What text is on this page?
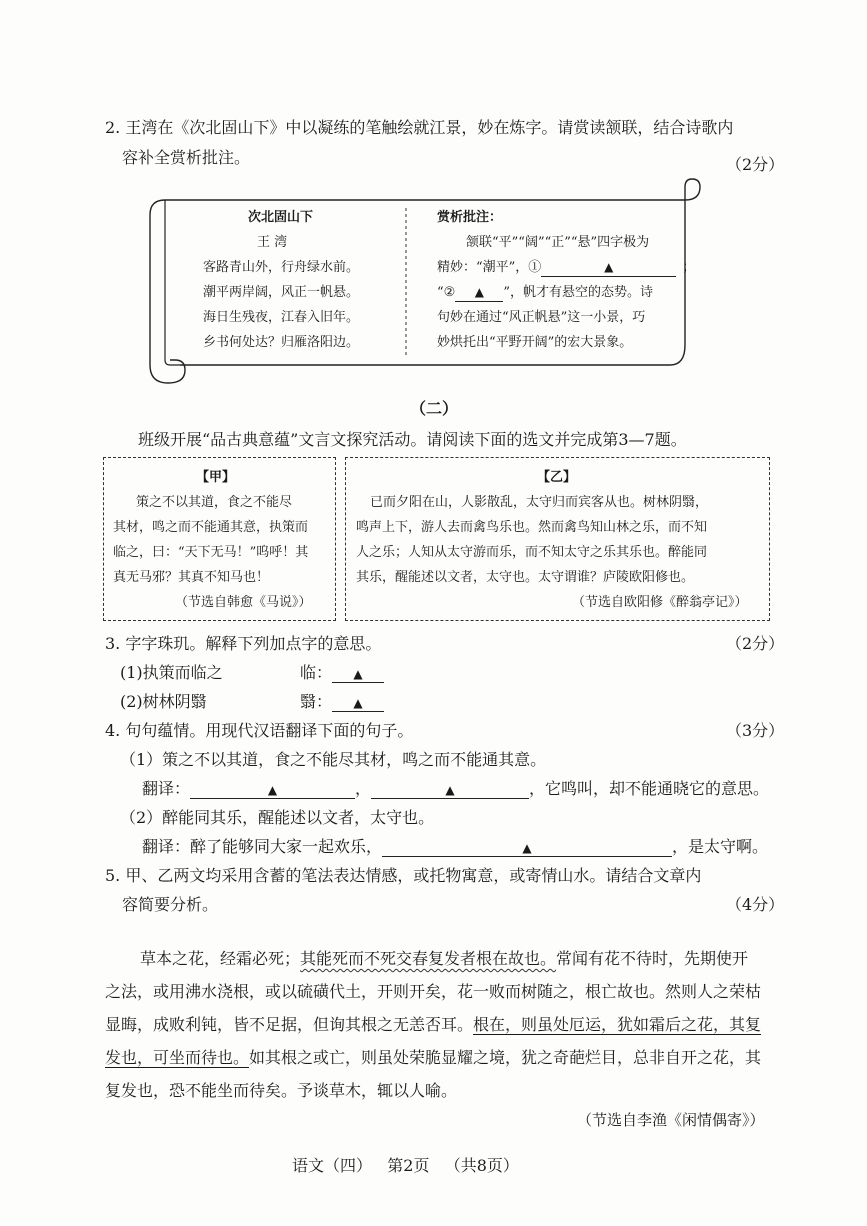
2. 王湾在《次北固山下》中以凝练的笔触绘就江景，妙在炼字。请赏读颔联，结合诗歌内
容补全赏析批注。	（2分）
次北固山下
王 湾
客路青山外，行舟绿水前。
潮平两岸阔，风正一帆悬。
海日生残夜，江春入旧年。
乡书何处达？归雁洛阳边。
赏析批注：
颔联“平”“阔”“正”“悬”四字极为
精妙：“潮平”，①	▲	；
“② ▲ ”，帆才有悬空的态势。诗
句妙在通过“风正帆悬”这一小景，巧
妙烘托出“平野开阔”的宏大景象。
（二）
班级开展“品古典意蕴”文言文探究活动。请阅读下面的选文并完成第3—7题。
【甲】
策之不以其道，食之不能尽
其材，鸣之而不能通其意，执策而
临之，曰：“天下无马！”呜呼！其
真无马邪？其真不知马也！
（节选自韩愈《马说》）
【乙】
已而夕阳在山，人影散乱，太守归而宾客从也。树林阴翳，
鸣声上下，游人去而禽鸟乐也。然而禽鸟知山林之乐，而不知
人之乐；人知从太守游而乐，而不知太守之乐其乐也。醉能同
其乐，醒能述以文者，太守也。太守谓谁？庐陵欧阳修也。
（节选自欧阳修《醉翁亭记》）
3. 字字珠玑。解释下列加点字的意思。	（2分）
(1)执策而临之	临： ▲
(2)树林阴翳	翳： ▲
4. 句句蕴情。用现代汉语翻译下面的句子。	（3分）
（1）策之不以其道，食之不能尽其材，鸣之而不能通其意。
翻译：	▲	，	▲	，它鸣叫，却不能通晓它的意思。
（2）醉能同其乐，醒能述以文者，太守也。
翻译：醉了能够同大家一起欢乐，	▲	，是太守啊。
5. 甲、乙两文均采用含蓄的笔法表达情感，或托物寓意，或寄情山水。请结合文章内
容简要分析。	（4分）
草本之花，经霜必死；其能死而不死交春复发者根在故也。常闻有花不待时，先期使开
之法，或用沸水浇根，或以硫磺代土，开则开矣，花一败而树随之，根亡故也。然则人之荣枯
显晦，成败利钝，皆不足据，但询其根之无恙否耳。根在，则虽处厄运，犹如霜后之花，其复
发也，可坐而待也。如其根之或亡，则虽处荣脆显耀之境，犹之奇葩烂目，总非自开之花，其
复发也，恐不能坐而待矣。予谈草木，辄以人喻。
（节选自李渔《闲情偶寄》）
语文（四）   第2页   （共8页）
